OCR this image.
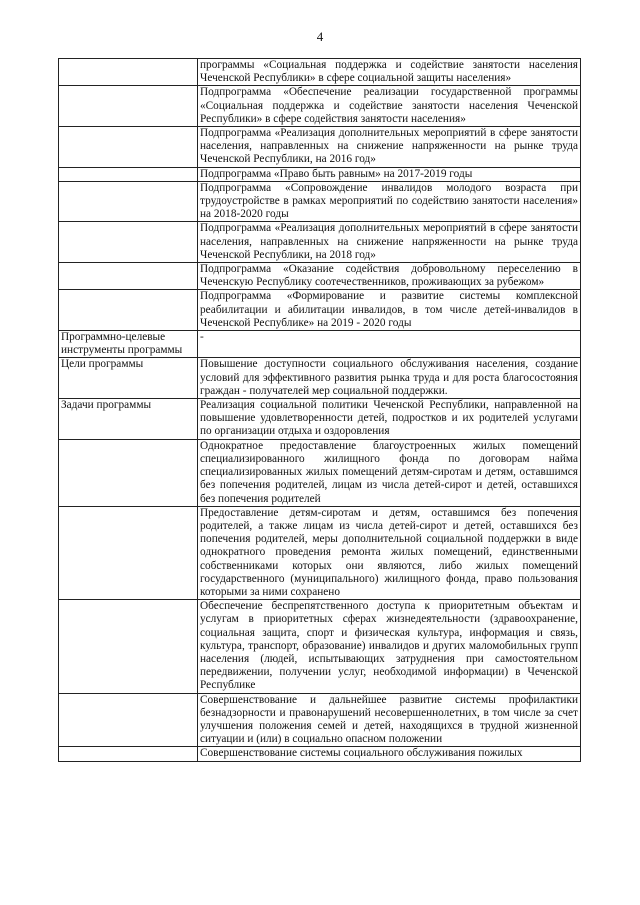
4

	программы «Социальная поддержка и содействие занятости населения Чеченской Республики» в сфере социальной защиты населения»

	Подпрограмма «Обеспечение реализации государственной программы «Социальная поддержка и содействие занятости населения Чеченской Республики» в сфере содействия занятости населения»

	Подпрограмма «Реализация дополнительных мероприятий в сфере занятости населения, направленных на снижение напряженности на рынке труда Чеченской Республики, на 2016 год»

	Подпрограмма «Право быть равным» на 2017-2019 годы

	Подпрограмма «Сопровождение инвалидов молодого возраста при трудоустройстве в рамках мероприятий по содействию занятости населения» на 2018-2020 годы

	Подпрограмма «Реализация дополнительных мероприятий в сфере занятости населения, направленных на снижение напряженности на рынке труда Чеченской Республики, на 2018 год»

	Подпрограмма «Оказание содействия добровольному переселению в Чеченскую Республику соотечественников, проживающих за рубежом»

	Подпрограмма «Формирование и развитие системы комплексной реабилитации и абилитации инвалидов, в том числе детей-инвалидов в Чеченской Республике» на 2019 - 2020 годы

Программно-целевые инструменты программы	-

Цели программы	Повышение доступности социального обслуживания населения, создание условий для эффективного развития рынка труда и для роста благосостояния граждан - получателей мер социальной поддержки.

Задачи программы	Реализация социальной политики Чеченской Республики, направленной на повышение удовлетворенности детей, подростков и их родителей услугами по организации отдыха и оздоровления

	Однократное предоставление благоустроенных жилых помещений специализированного жилищного фонда по договорам найма специализированных жилых помещений детям-сиротам и детям, оставшимся без попечения родителей, лицам из числа детей-сирот и детей, оставшихся без попечения родителей

	Предоставление детям-сиротам и детям, оставшимся без попечения родителей, а также лицам из числа детей-сирот и детей, оставшихся без попечения родителей, меры дополнительной социальной поддержки в виде однократного проведения ремонта жилых помещений, единственными собственниками которых они являются, либо жилых помещений государственного (муниципального) жилищного фонда, право пользования которыми за ними сохранено

	Обеспечение беспрепятственного доступа к приоритетным объектам и услугам в приоритетных сферах жизнедеятельности (здравоохранение, социальная защита, спорт и физическая культура, информация и связь, культура, транспорт, образование) инвалидов и других маломобильных групп населения (людей, испытывающих затруднения при самостоятельном передвижении, получении услуг, необходимой информации) в Чеченской Республике

	Совершенствование и дальнейшее развитие системы профилактики безнадзорности и правонарушений несовершеннолетних, в том числе за счет улучшения положения семей и детей, находящихся в трудной жизненной ситуации и (или) в социально опасном положении

	Совершенствование системы социального обслуживания пожилых
